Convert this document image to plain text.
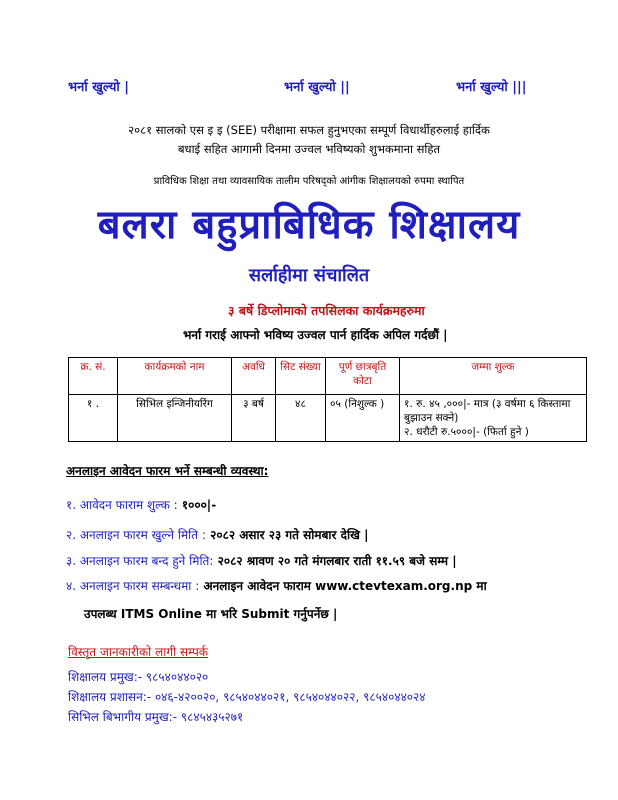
भर्ना खुल्यो |	भर्ना खुल्यो ||	भर्ना खुल्यो |||
२०८१ सालको एस इ इ (SEE) परीक्षामा सफल हुनुभएका सम्पूर्ण विधार्थीहरुलाई हार्दिक
बधाई सहित आगामी दिनमा उज्वल भविष्यको शुभकमाना सहित
प्राविधिक शिक्षा तथा व्यावसायिक तालीम परिषद्को आंगीक शिक्षालयको रुपमा स्थापित
बलरा बहुप्राबिधिक शिक्षालय
सर्लाहीमा संचालित
३ बर्षे डिप्लोमाको तपसिलका कार्यक्रमहरुमा
भर्ना गराई आफ्नो भविष्य उज्वल पार्न हार्दिक अपिल गर्दछौं |
क्र. सं.	कार्यक्रमको नाम	अवधि	सिट संख्या	पूर्ण छात्रबृति कोटा	जम्मा शुल्क
१ .	सिभिल इन्जिनीयरिंग	३ बर्ष	४८	०५ (निशुल्क )	१. रु. ४५ ,०००|- मात्र (३ वर्षमा ६ किस्तामा बुझाउन सक्ने)
२. धरौटी रु.५०००|- (फिर्ता हुने )
अनलाइन आवेदन फारम भर्ने सम्बन्धी व्यवस्था:
१. आवेदन फाराम शुल्क : १०००|-
२. अनलाइन फारम खुल्ने मिति : २०८२ असार २३ गते सोमबार देखि |
३. अनलाइन फारम बन्द हुने मिति: २०८२ श्रावण २० गते मंगलबार राती ११.५९ बजे सम्म |
४. अनलाइन फारम सम्बन्धमा : अनलाइन आवेदन फाराम www.ctevtexam.org.np मा
उपलब्ध ITMS Online मा भरि Submit गर्नुपर्नेछ |
विस्तृत जानकारीको लागी सम्पर्क
शिक्षालय प्रमुख:- ९८५४०४४०२०
शिक्षालय प्रशासन:- ०४६-४२००२०, ९८५४०४४०२१, ९८५४०४४०२२, ९८५४०४४०२४
सिभिल बिभागीय प्रमुख:- ९८४५४३५२७१
